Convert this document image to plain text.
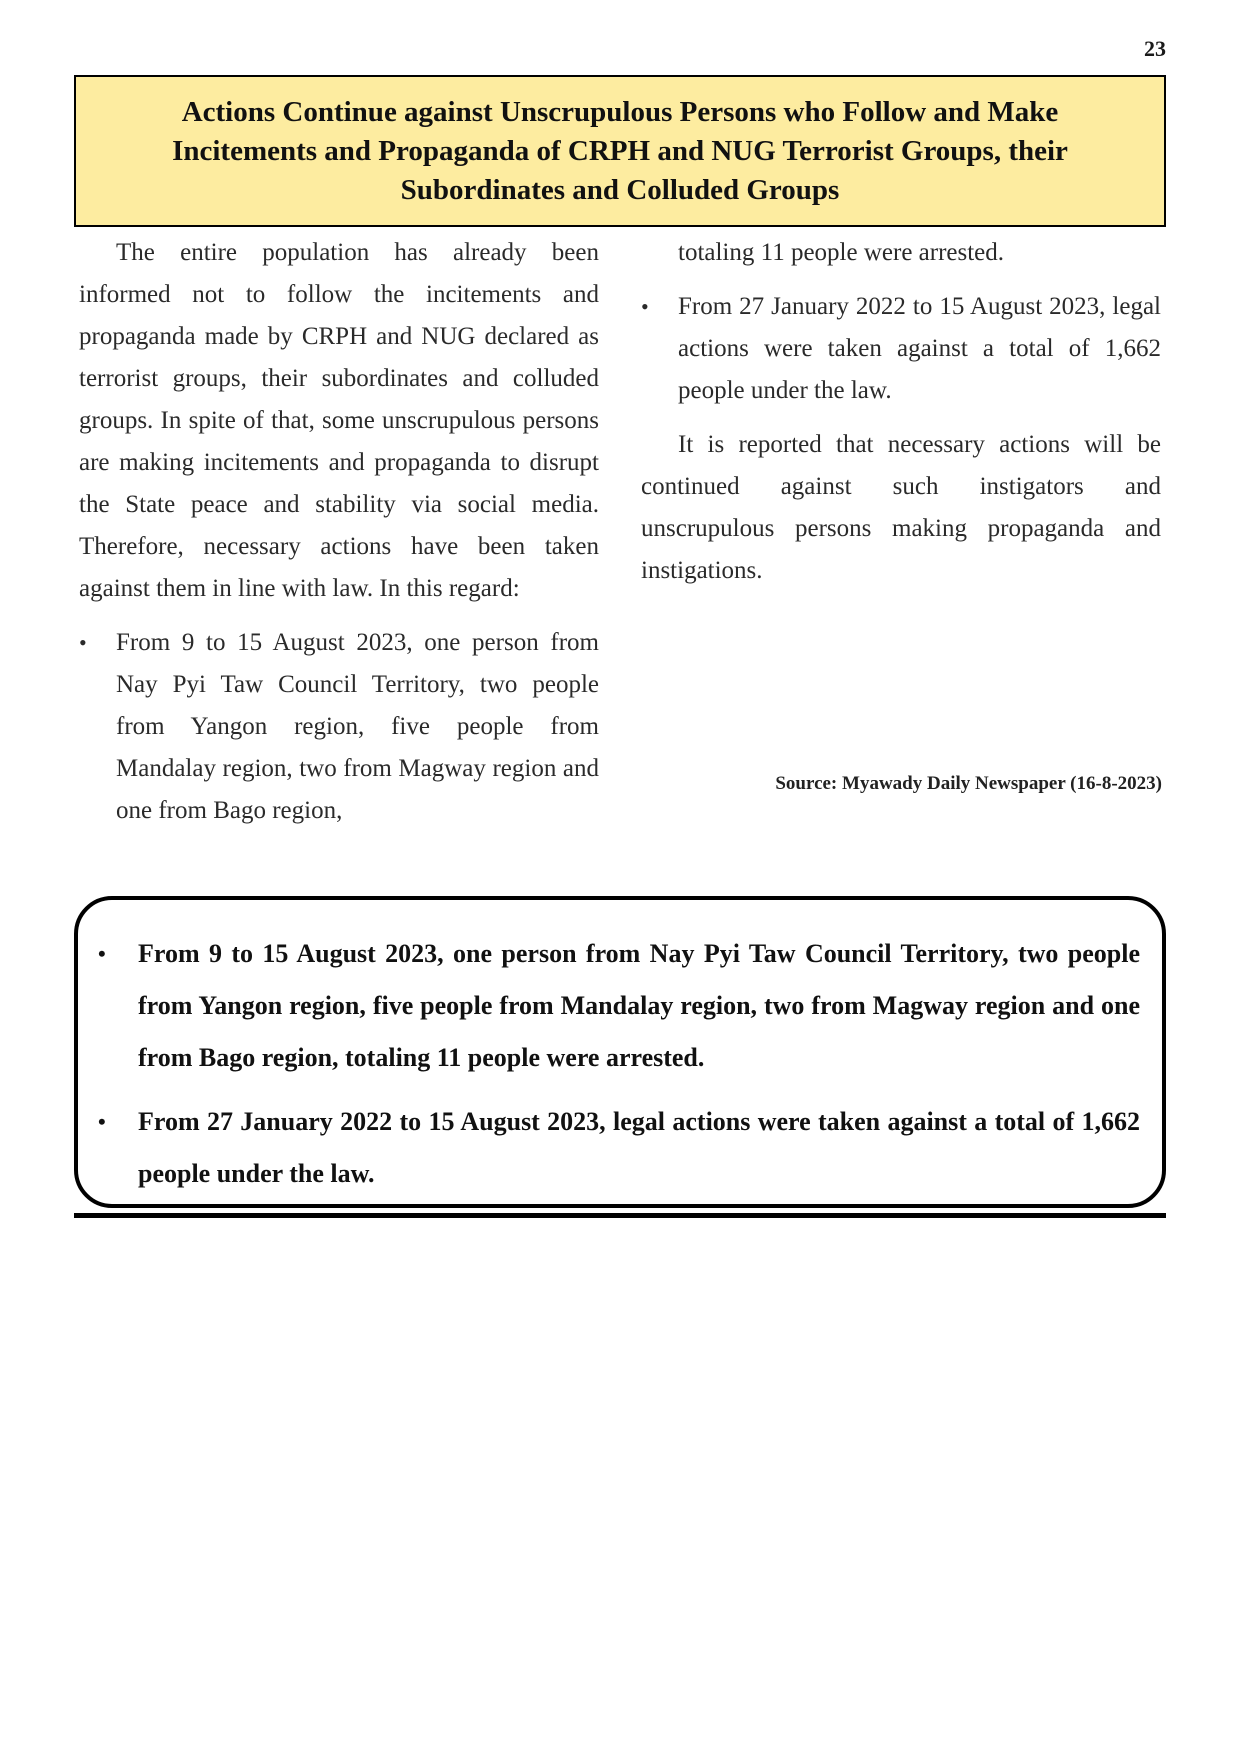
23
Actions Continue against Unscrupulous Persons who Follow and Make Incitements and Propaganda of CRPH and NUG Terrorist Groups, their Subordinates and Colluded Groups

The entire population has already been informed not to follow the incitements and propaganda made by CRPH and NUG declared as terrorist groups, their subordinates and colluded groups. In spite of that, some unscrupulous persons are making incitements and propaganda to disrupt the State peace and stability via social media. Therefore, necessary actions have been taken against them in line with law. In this regard:

• From 9 to 15 August 2023, one person from Nay Pyi Taw Council Territory, two people from Yangon region, five people from Mandalay region, two from Magway region and one from Bago region,

totaling 11 people were arrested.

• From 27 January 2022 to 15 August 2023, legal actions were taken against a total of 1,662 people under the law.

It is reported that necessary actions will be continued against such instigators and unscrupulous persons making propaganda and instigations.

Source: Myawady Daily Newspaper (16-8-2023)
• From 9 to 15 August 2023, one person from Nay Pyi Taw Council Territory, two people from Yangon region, five people from Mandalay region, two from Magway region and one from Bago region, totaling 11 people were arrested.
• From 27 January 2022 to 15 August 2023, legal actions were taken against a total of 1,662 people under the law.
